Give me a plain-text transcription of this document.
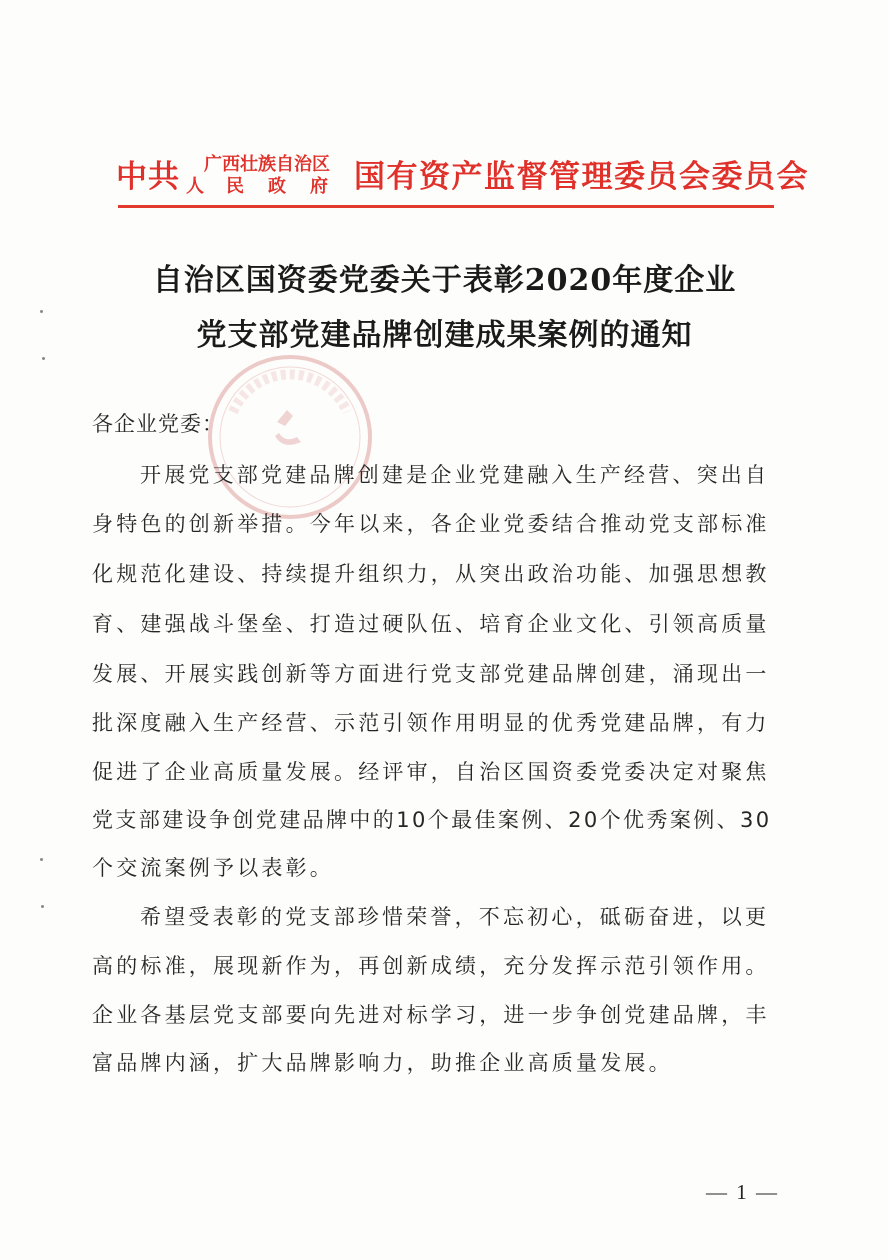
中共 广西壮族自治区
人 民 政 府 国有资产监督管理委员会委员会
自治区国资委党委关于表彰2020年度企业
党支部党建品牌创建成果案例的通知
各企业党委：
开展党支部党建品牌创建是企业党建融入生产经营、突出自
身特色的创新举措。今年以来，各企业党委结合推动党支部标准
化规范化建设、持续提升组织力，从突出政治功能、加强思想教
育、建强战斗堡垒、打造过硬队伍、培育企业文化、引领高质量
发展、开展实践创新等方面进行党支部党建品牌创建，涌现出一
批深度融入生产经营、示范引领作用明显的优秀党建品牌，有力
促进了企业高质量发展。经评审，自治区国资委党委决定对聚焦
党支部建设争创党建品牌中的10个最佳案例、20个优秀案例、30
个交流案例予以表彰。
希望受表彰的党支部珍惜荣誉，不忘初心，砥砺奋进，以更
高的标准，展现新作为，再创新成绩，充分发挥示范引领作用。
企业各基层党支部要向先进对标学习，进一步争创党建品牌，丰
富品牌内涵，扩大品牌影响力，助推企业高质量发展。
— 1 —
